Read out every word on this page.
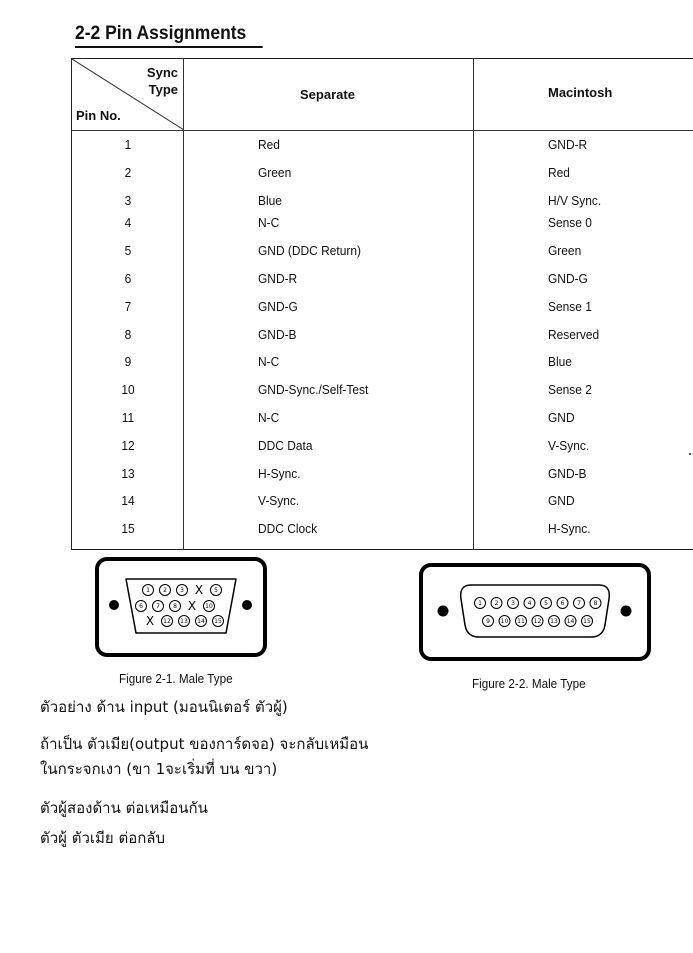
2-2 Pin Assignments
Sync
Type
Pin No.
Separate	Macintosh
1	Red	GND-R
2	Green	Red
3	Blue	H/V Sync.
4	N-C	Sense 0
5	GND (DDC Return)	Green
6	GND-R	GND-G
7	GND-G	Sense 1
8	GND-B	Reserved
9	N-C	Blue
10	GND-Sync./Self-Test	Sense 2
11	N-C	GND
12	DDC Data	V-Sync.
13	H-Sync.	GND-B
14	V-Sync.	GND
15	DDC Clock	H-Sync.
1 2 3 X 5
6 7 8 X 10
X 12 13 14 15
Figure 2-1. Male Type
1 2 3 4 5 6 7 8
9 10 11 12 13 14 15
Figure 2-2. Male Type
ตัวอย่าง ด้าน input (มอนนิเตอร์ ตัวผู้)
ถ้าเป็น ตัวเมีย(output ของการ์ดจอ) จะกลับเหมือน
ในกระจกเงา (ขา 1จะเริ่มที่ บน ขวา)
ตัวผู้สองด้าน ต่อเหมือนกัน
ตัวผู้ ตัวเมีย ต่อกลับ
